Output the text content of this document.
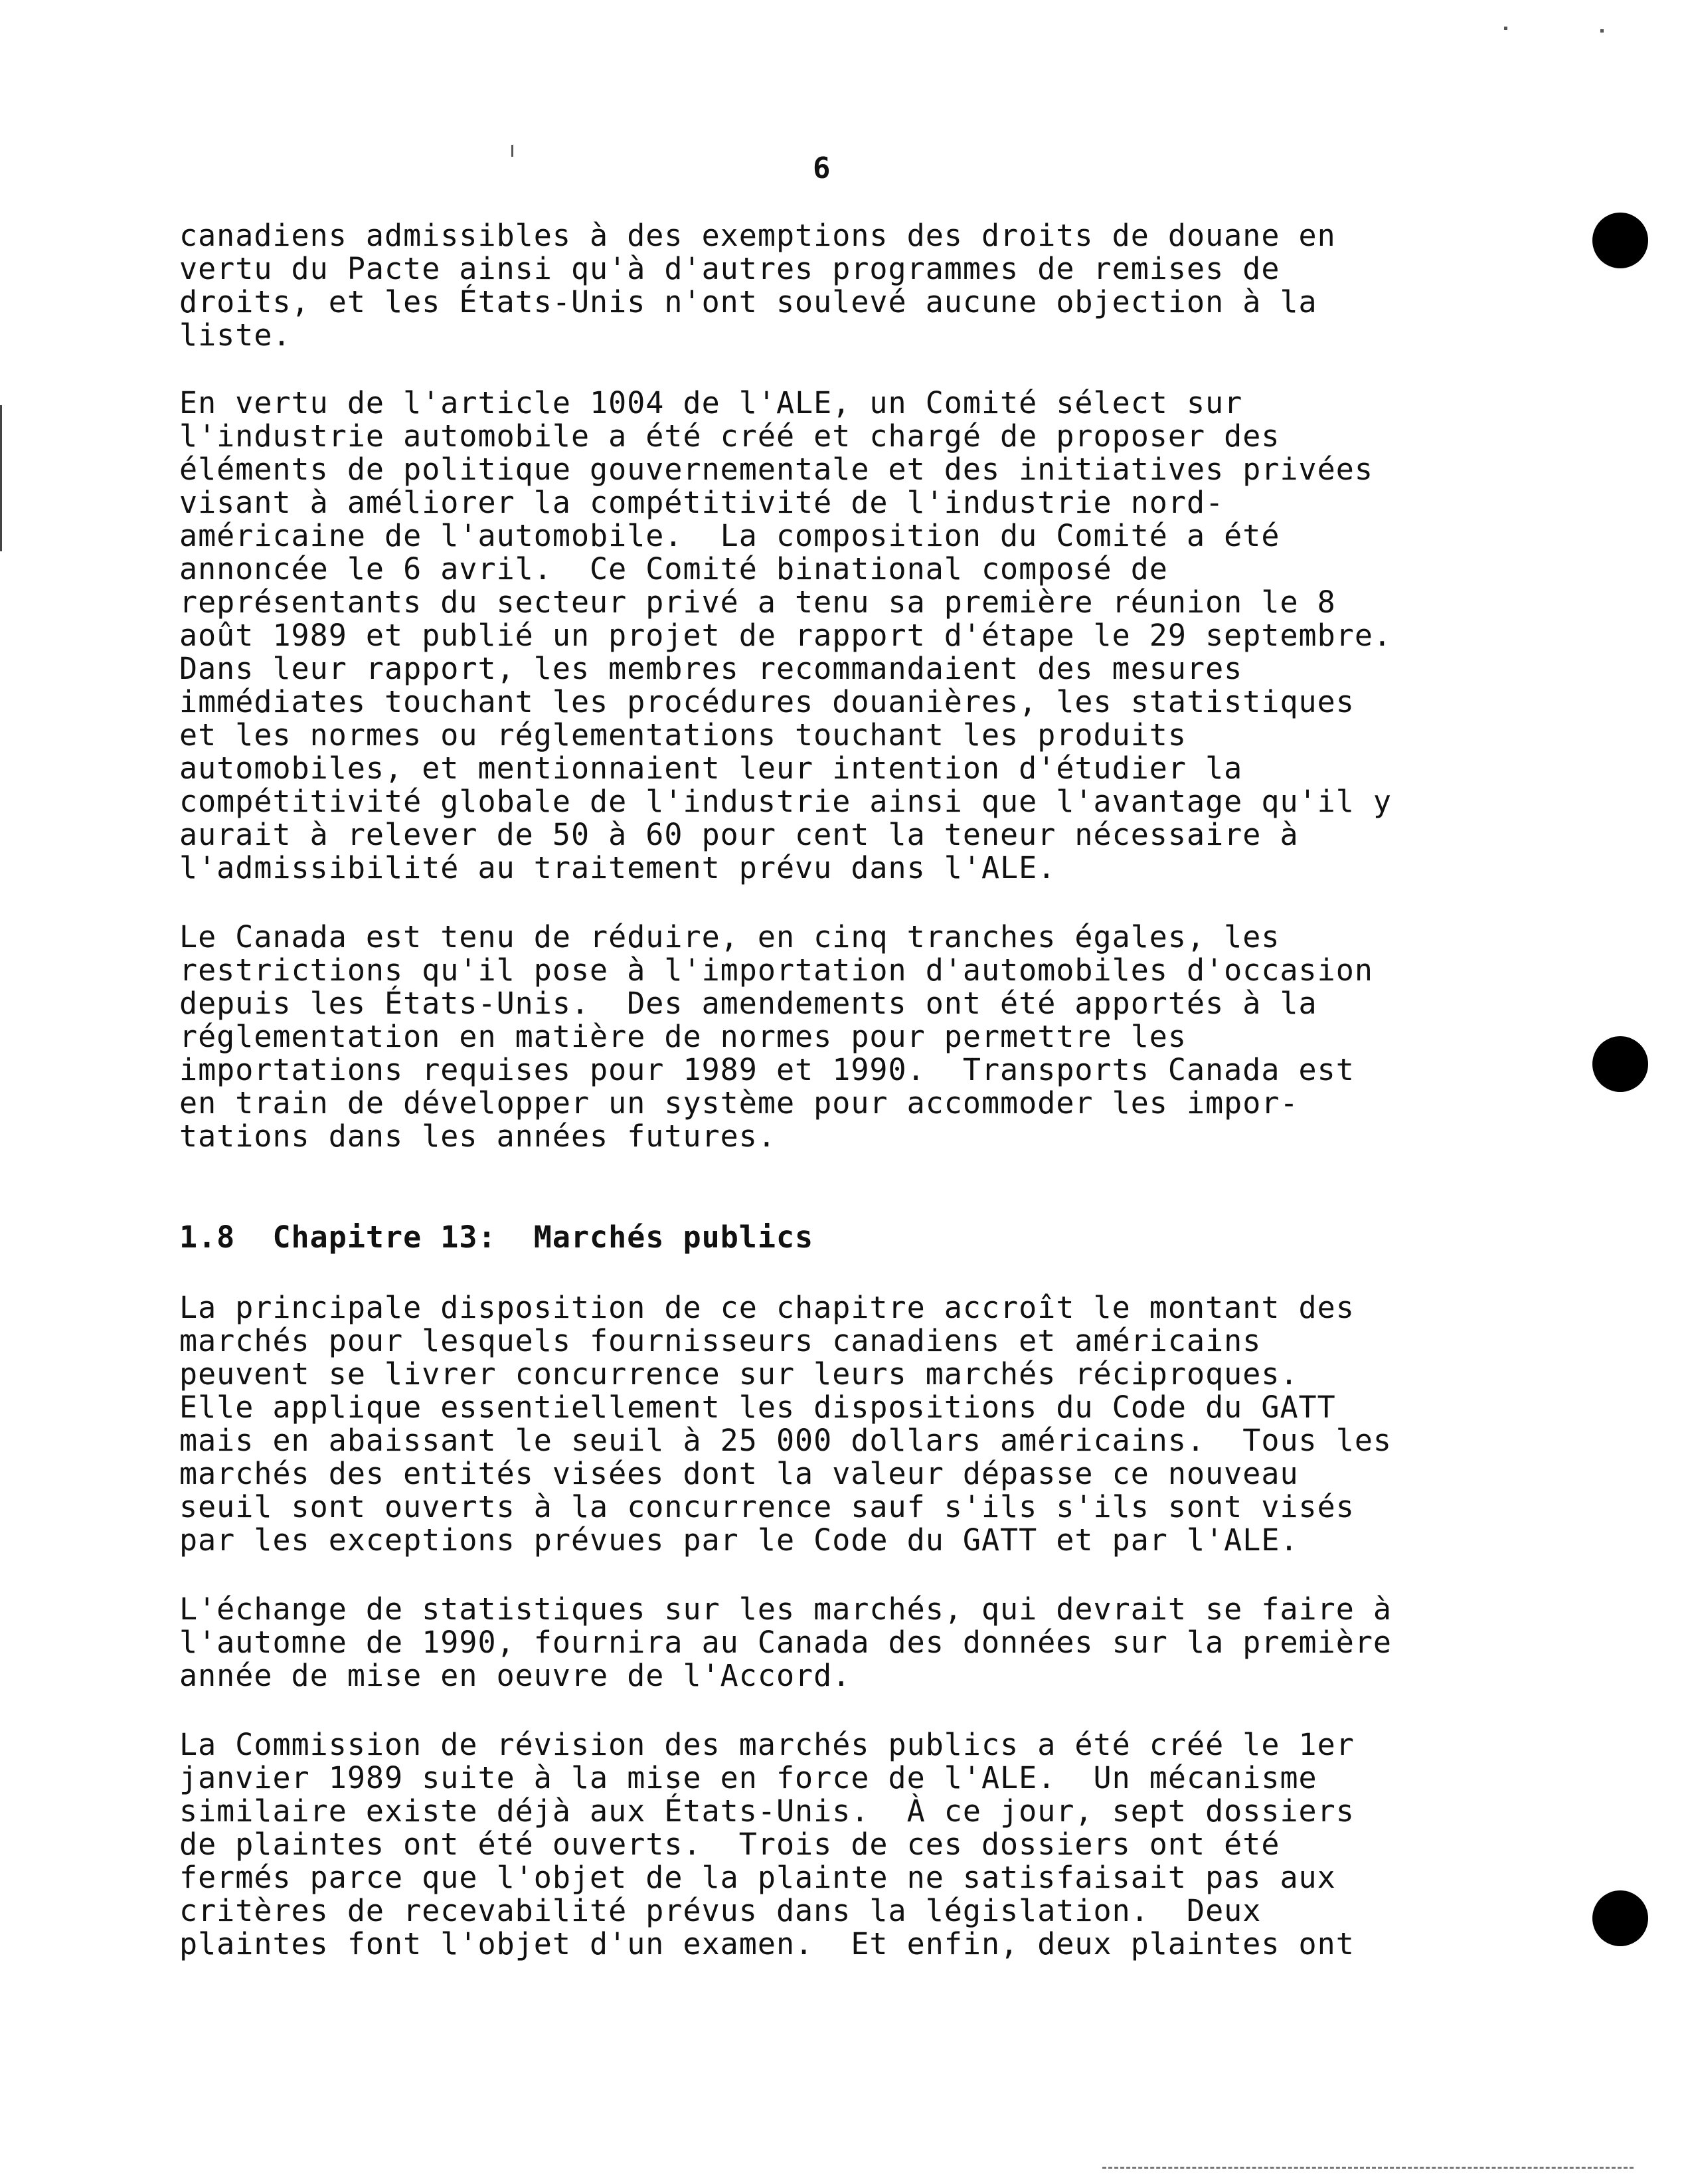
6
canadiens admissibles à des exemptions des droits de douane en
vertu du Pacte ainsi qu'à d'autres programmes de remises de
droits, et les États-Unis n'ont soulevé aucune objection à la
liste.
En vertu de l'article 1004 de l'ALE, un Comité sélect sur
l'industrie automobile a été créé et chargé de proposer des
éléments de politique gouvernementale et des initiatives privées
visant à améliorer la compétitivité de l'industrie nord-
américaine de l'automobile.  La composition du Comité a été
annoncée le 6 avril.  Ce Comité binational composé de
représentants du secteur privé a tenu sa première réunion le 8
août 1989 et publié un projet de rapport d'étape le 29 septembre.
Dans leur rapport, les membres recommandaient des mesures
immédiates touchant les procédures douanières, les statistiques
et les normes ou réglementations touchant les produits
automobiles, et mentionnaient leur intention d'étudier la
compétitivité globale de l'industrie ainsi que l'avantage qu'il y
aurait à relever de 50 à 60 pour cent la teneur nécessaire à
l'admissibilité au traitement prévu dans l'ALE.
Le Canada est tenu de réduire, en cinq tranches égales, les
restrictions qu'il pose à l'importation d'automobiles d'occasion
depuis les États-Unis.  Des amendements ont été apportés à la
réglementation en matière de normes pour permettre les
importations requises pour 1989 et 1990.  Transports Canada est
en train de développer un système pour accommoder les impor-
tations dans les années futures.
1.8 Chapitre 13: Marchés publics
La principale disposition de ce chapitre accroît le montant des
marchés pour lesquels fournisseurs canadiens et américains
peuvent se livrer concurrence sur leurs marchés réciproques.
Elle applique essentiellement les dispositions du Code du GATT
mais en abaissant le seuil à 25 000 dollars américains.  Tous les
marchés des entités visées dont la valeur dépasse ce nouveau
seuil sont ouverts à la concurrence sauf s'ils s'ils sont visés
par les exceptions prévues par le Code du GATT et par l'ALE.
L'échange de statistiques sur les marchés, qui devrait se faire à
l'automne de 1990, fournira au Canada des données sur la première
année de mise en oeuvre de l'Accord.
La Commission de révision des marchés publics a été créé le 1er
janvier 1989 suite à la mise en force de l'ALE.  Un mécanisme
similaire existe déjà aux États-Unis.  À ce jour, sept dossiers
de plaintes ont été ouverts.  Trois de ces dossiers ont été
fermés parce que l'objet de la plainte ne satisfaisait pas aux
critères de recevabilité prévus dans la législation.  Deux
plaintes font l'objet d'un examen.  Et enfin, deux plaintes ont
